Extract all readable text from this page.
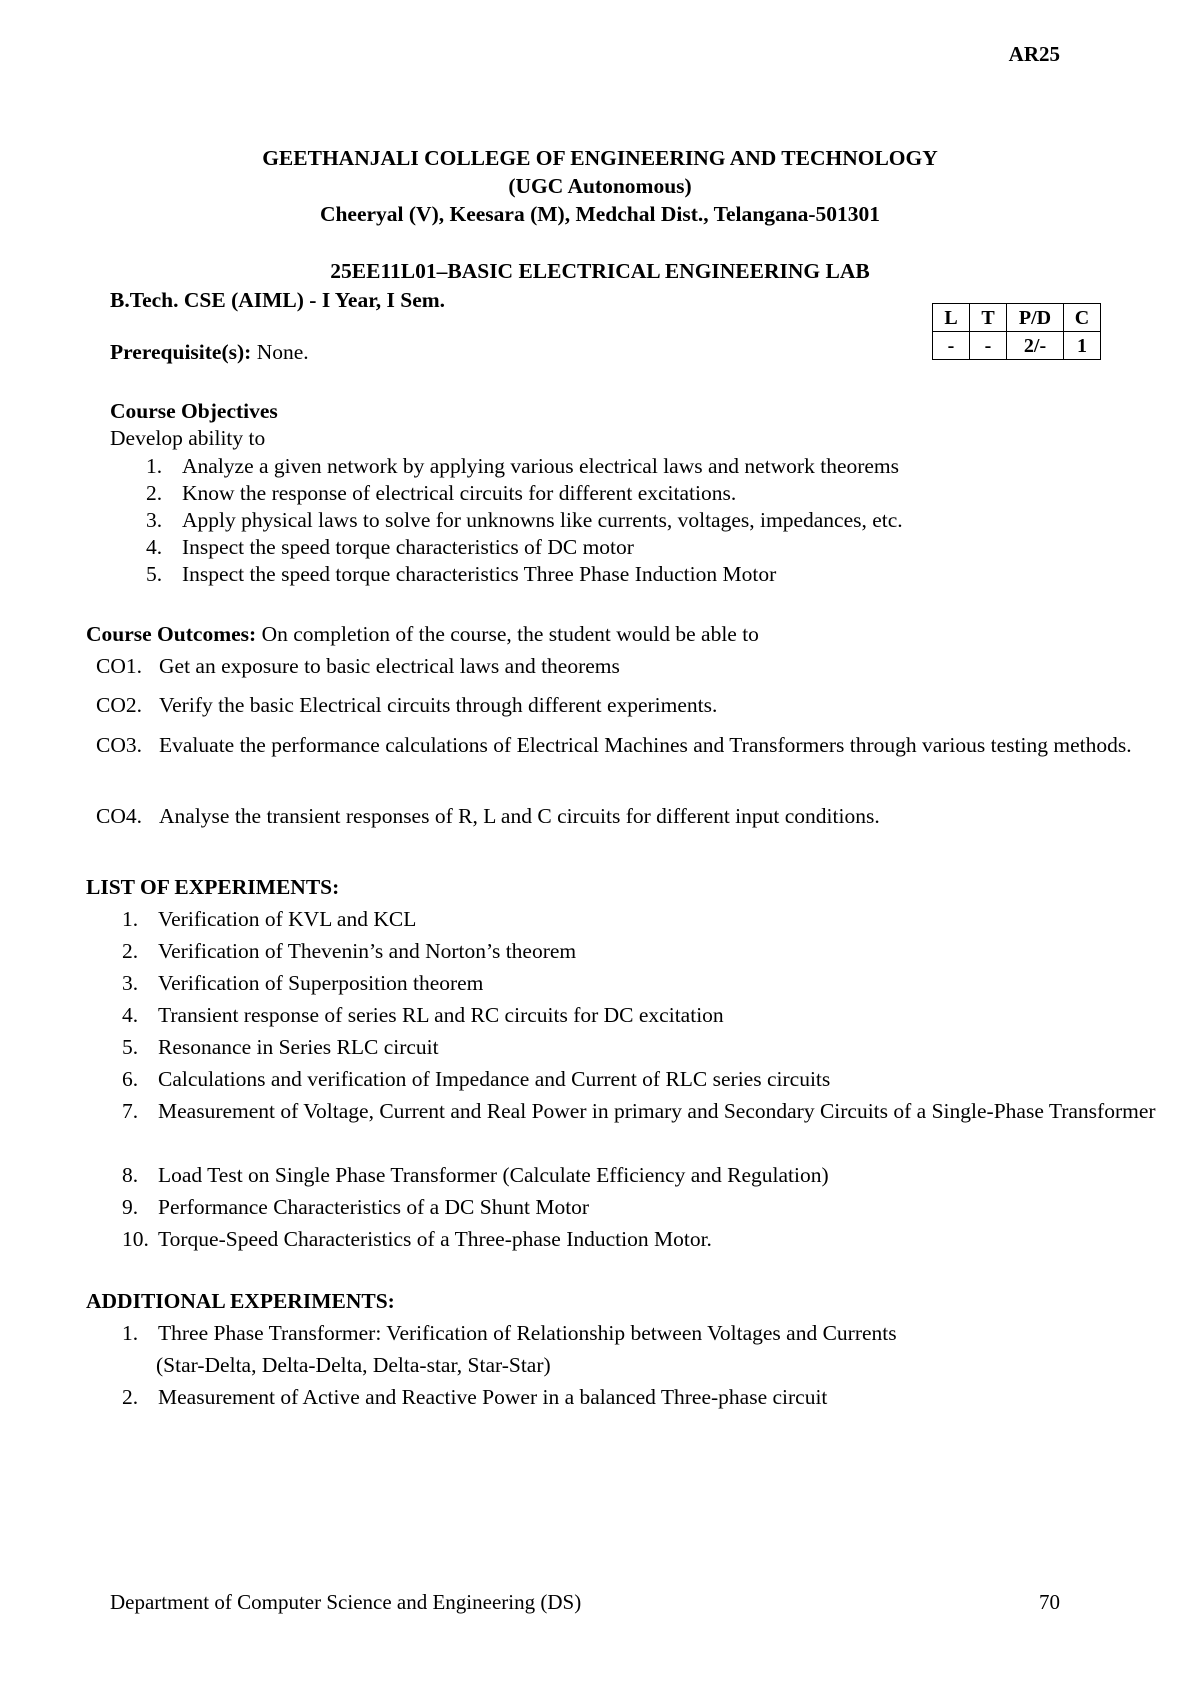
AR25
GEETHANJALI COLLEGE OF ENGINEERING AND TECHNOLOGY
(UGC Autonomous)
Cheeryal (V), Keesara (M), Medchal Dist., Telangana-501301
25EE11L01–BASIC ELECTRICAL ENGINEERING LAB
B.Tech. CSE (AIML) - I Year, I Sem.
Prerequisite(s): None.
L	T	P/D	C
-	-	2/-	1
Course Objectives
Develop ability to
1. Analyze a given network by applying various electrical laws and network theorems
2. Know the response of electrical circuits for different excitations.
3. Apply physical laws to solve for unknowns like currents, voltages, impedances, etc.
4. Inspect the speed torque characteristics of DC motor
5. Inspect the speed torque characteristics Three Phase Induction Motor
Course Outcomes: On completion of the course, the student would be able to
CO1. Get an exposure to basic electrical laws and theorems
CO2. Verify the basic Electrical circuits through different experiments.
CO3. Evaluate the performance calculations of Electrical Machines and Transformers through various testing methods.
CO4. Analyse the transient responses of R, L and C circuits for different input conditions.
LIST OF EXPERIMENTS:
1. Verification of KVL and KCL
2. Verification of Thevenin’s and Norton’s theorem
3. Verification of Superposition theorem
4. Transient response of series RL and RC circuits for DC excitation
5. Resonance in Series RLC circuit
6. Calculations and verification of Impedance and Current of RLC series circuits
7. Measurement of Voltage, Current and Real Power in primary and Secondary Circuits of a Single-Phase Transformer
8. Load Test on Single Phase Transformer (Calculate Efficiency and Regulation)
9. Performance Characteristics of a DC Shunt Motor
10. Torque-Speed Characteristics of a Three-phase Induction Motor.
ADDITIONAL EXPERIMENTS:
1. Three Phase Transformer: Verification of Relationship between Voltages and Currents
(Star-Delta, Delta-Delta, Delta-star, Star-Star)
2. Measurement of Active and Reactive Power in a balanced Three-phase circuit
Department of Computer Science and Engineering (DS)	70
